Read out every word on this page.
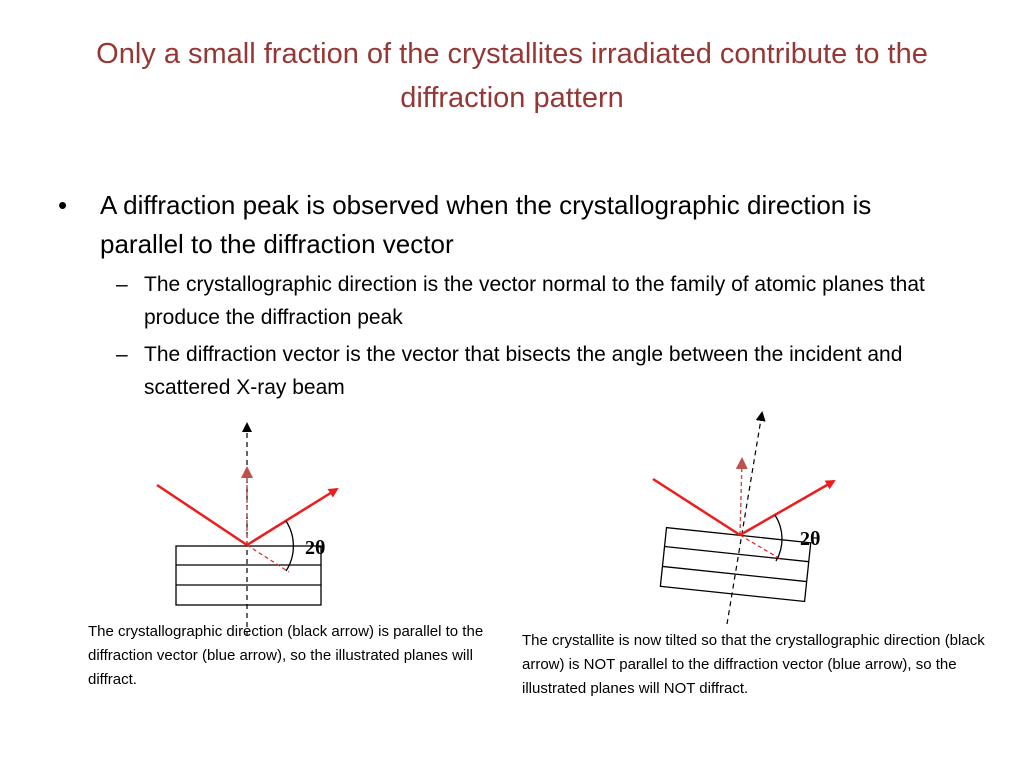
Only a small fraction of the crystallites irradiated contribute to the diffraction pattern
•	A diffraction peak is observed when the crystallographic direction is parallel to the diffraction vector
– The crystallographic direction is the vector normal to the family of atomic planes that produce the diffraction peak
– The diffraction vector is the vector that bisects the angle between the incident and scattered X-ray beam
2θ	2θ
The crystallographic direction (black arrow) is parallel to the diffraction vector (blue arrow), so the illustrated planes will diffract.
The crystallite is now tilted so that the crystallographic direction (black arrow) is NOT parallel to the diffraction vector (blue arrow), so the illustrated planes will NOT diffract.
